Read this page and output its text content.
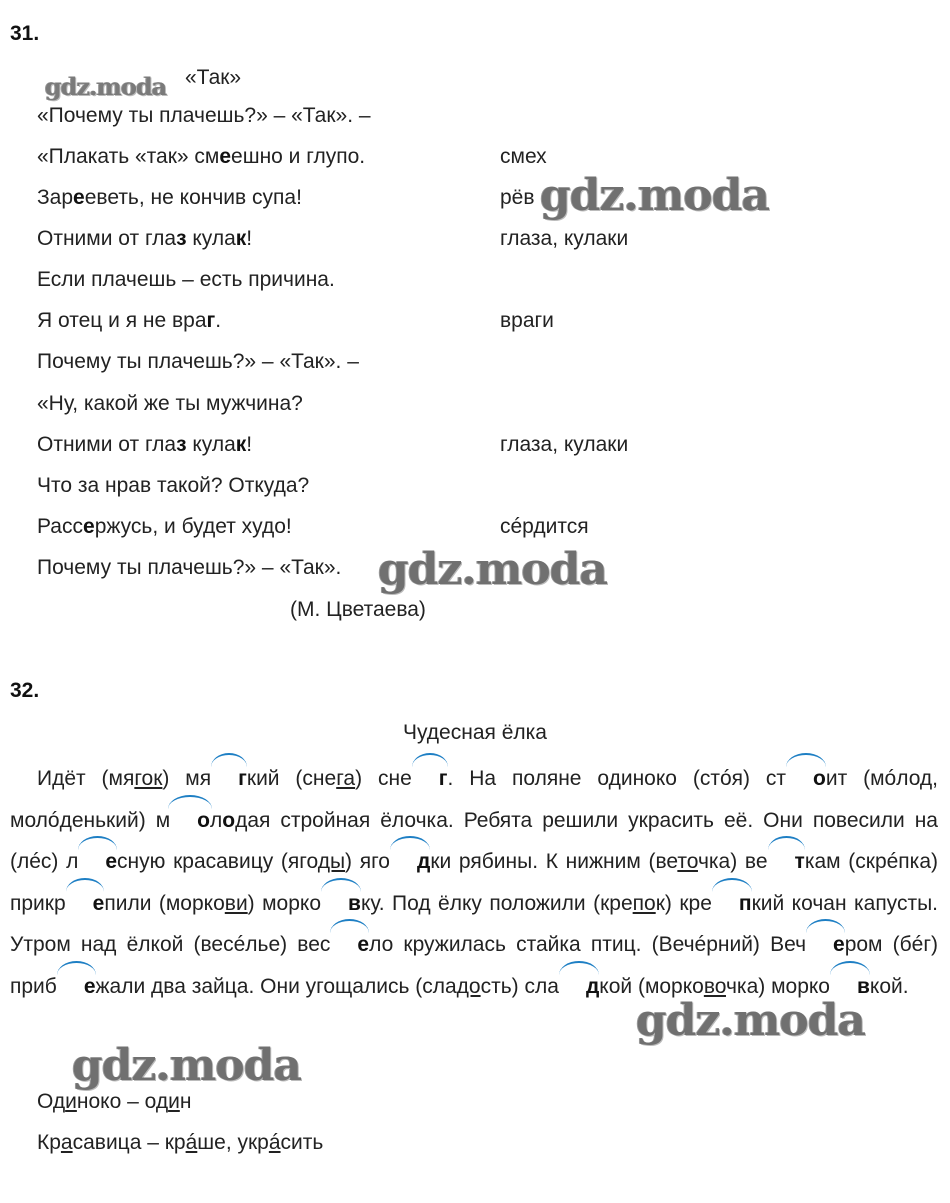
31.
gdz.moda «Так»
«Почему ты плачешь?» – «Так». –
«Плакать «так» смеешно и глупо.	смех
Зарееветь, не кончив супа!	рёв
Отними от глаз кулак!	глаза, кулаки
Если плачешь – есть причина.
Я отец и я не враг.	враги
Почему ты плачешь?» – «Так». –
«Ну, какой же ты мужчина?
Отними от глаз кулак!	глаза, кулаки
Что за нрав такой? Откуда?
Рассержусь, и будет худо!	сéрдится
Почему ты плачешь?» – «Так».
(М. Цветаева)
gdz.moda
gdz.moda
32.
Чудесная ёлка
Идёт (мягок) мя гкий (снега) сне г. На поляне одиноко (стóя) ст оит (мóлод, молóденький) м олодая стройная ёлочка. Ребята решили украсить её. Они повесили на (лéс) л есную красавицу (ягоды) яго дки рябины. К нижним (веточка) ве ткам (скрéпка) прикр епили (моркови) морко вку. Под ёлку положили (крепок) кре пкий кочан капусты. Утром над ёлкой (весéлье) вес ело кружилась стайка птиц. (Вечéрний) Веч ером (бéг) приб ежали два зайца. Они угощались (сладость) сла дкой (морковочка) морко вкой.
gdz.moda
gdz.moda
Одиноко – один
Красавица – крáше, укрáсить
